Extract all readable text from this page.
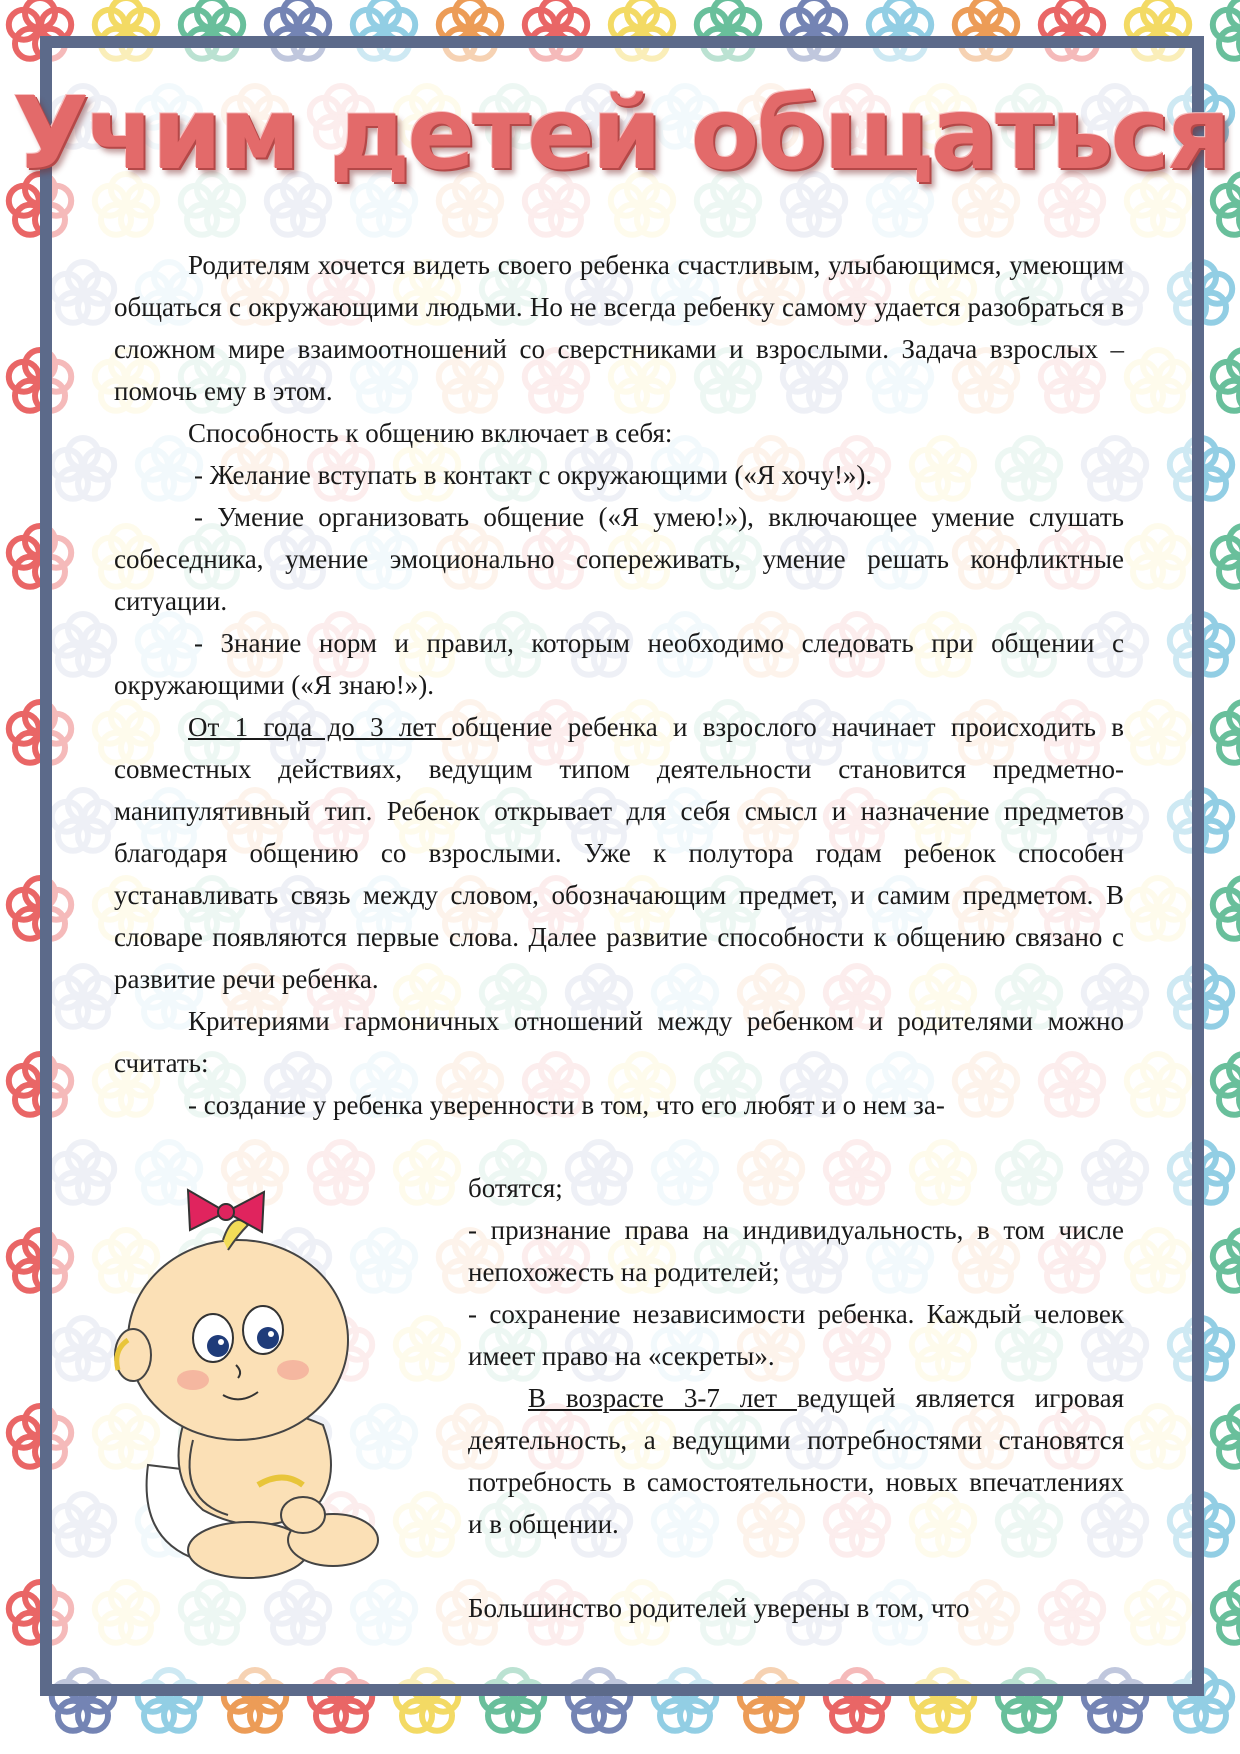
Учим детей общаться

Родителям хочется видеть своего ребенка счастливым, улыбающимся, умеющим общаться с окружающими людьми. Но не всегда ребенку самому удается разобраться в сложном мире взаимоотношений со сверстниками и взрослыми. Задача взрослых – помочь ему в этом.

Способность к общению включает в себя:

- Желание вступать в контакт с окружающими («Я хочу!»).

- Умение организовать общение («Я умею!»), включающее умение слушать собеседника, умение эмоционально сопереживать, умение решать конфликтные ситуации.

- Знание норм и правил, которым необходимо следовать при общении с окружающими («Я знаю!»).

От 1 года до 3 лет общение ребенка и взрослого начинает происходить в совместных действиях, ведущим типом деятельности становится предметно-манипулятивный тип. Ребенок открывает для себя смысл и назначение предметов благодаря общению со взрослыми. Уже к полутора годам ребенок способен устанавливать связь между словом, обозначающим предмет, и самим предметом. В словаре появляются первые слова. Далее развитие способности к общению связано с развитие речи ребенка.

Критериями гармоничных отношений между ребенком и родителями можно считать:

- создание у ребенка уверенности в том, что его любят и о нем за-

ботятся;

- признание права на индивидуальность, в том числе непохожесть на родителей;

- сохранение независимости ребенка. Каждый человек имеет право на «секреты».

В возрасте 3-7 лет ведущей является игровая деятельность, а ведущими потребностями становятся потребность в самостоятельности, новых впечатлениях и в общении.

Большинство родителей уверены в том, что
